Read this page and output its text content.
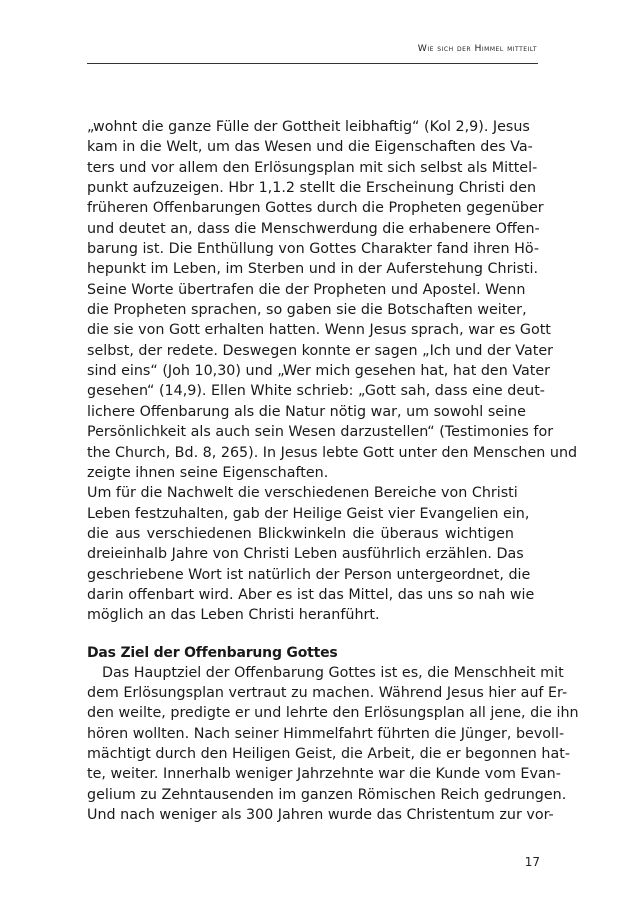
Wie sich der Himmel mitteilt
„wohnt die ganze Fülle der Gottheit leibhaftig“ (Kol 2,9). Jesus
kam in die Welt, um das Wesen und die Eigenschaften des Va-
ters und vor allem den Erlösungsplan mit sich selbst als Mittel-
punkt aufzuzeigen. Hbr 1,1.2 stellt die Erscheinung Christi den
früheren Offenbarungen Gottes durch die Propheten gegenüber
und deutet an, dass die Menschwerdung die erhabenere Offen-
barung ist. Die Enthüllung von Gottes Charakter fand ihren Hö-
hepunkt im Leben, im Sterben und in der Auferstehung Christi.
Seine Worte übertrafen die der Propheten und Apostel. Wenn
die Propheten sprachen, so gaben sie die Botschaften weiter,
die sie von Gott erhalten hatten. Wenn Jesus sprach, war es Gott
selbst, der redete. Deswegen konnte er sagen „Ich und der Vater
sind eins“ (Joh 10,30) und „Wer mich gesehen hat, hat den Vater
gesehen“ (14,9). Ellen White schrieb: „Gott sah, dass eine deut-
lichere Offenbarung als die Natur nötig war, um sowohl seine
Persönlichkeit als auch sein Wesen darzustellen“ (Testimonies for
the Church, Bd. 8, 265). In Jesus lebte Gott unter den Menschen und
zeigte ihnen seine Eigenschaften.
Um für die Nachwelt die verschiedenen Bereiche von Christi
Leben festzuhalten, gab der Heilige Geist vier Evangelien ein,
die aus verschiedenen Blickwinkeln die überaus wichtigen
dreieinhalb Jahre von Christi Leben ausführlich erzählen. Das
geschriebene Wort ist natürlich der Person untergeordnet, die
darin offenbart wird. Aber es ist das Mittel, das uns so nah wie
möglich an das Leben Christi heranführt.
Das Ziel der Offenbarung Gottes
Das Hauptziel der Offenbarung Gottes ist es, die Menschheit mit
dem Erlösungsplan vertraut zu machen. Während Jesus hier auf Er-
den weilte, predigte er und lehrte den Erlösungsplan all jene, die ihn
hören wollten. Nach seiner Himmelfahrt führten die Jünger, bevoll-
mächtigt durch den Heiligen Geist, die Arbeit, die er begonnen hat-
te, weiter. Innerhalb weniger Jahrzehnte war die Kunde vom Evan-
gelium zu Zehntausenden im ganzen Römischen Reich gedrungen.
Und nach weniger als 300 Jahren wurde das Christentum zur vor-
17
